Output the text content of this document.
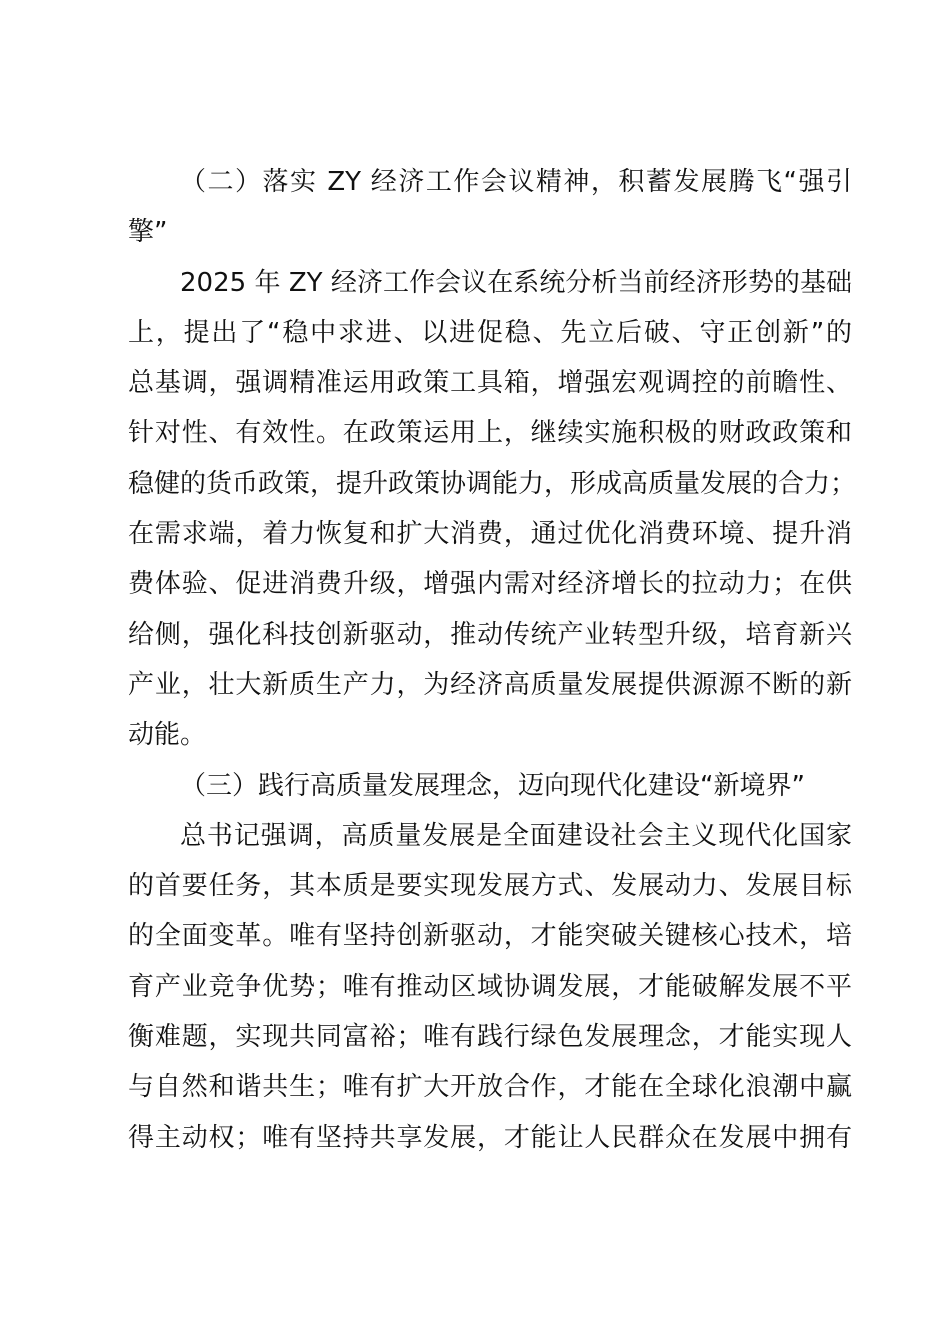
（二）落实 ZY 经济工作会议精神，积蓄发展腾飞“强引
擎”
2025 年 ZY 经济工作会议在系统分析当前经济形势的基础
上，提出了“稳中求进、以进促稳、先立后破、守正创新”的
总基调，强调精准运用政策工具箱，增强宏观调控的前瞻性、
针对性、有效性。在政策运用上，继续实施积极的财政政策和
稳健的货币政策，提升政策协调能力，形成高质量发展的合力；
在需求端，着力恢复和扩大消费，通过优化消费环境、提升消
费体验、促进消费升级，增强内需对经济增长的拉动力；在供
给侧，强化科技创新驱动，推动传统产业转型升级，培育新兴
产业，壮大新质生产力，为经济高质量发展提供源源不断的新
动能。
（三）践行高质量发展理念，迈向现代化建设“新境界”
总书记强调，高质量发展是全面建设社会主义现代化国家
的首要任务，其本质是要实现发展方式、发展动力、发展目标
的全面变革。唯有坚持创新驱动，才能突破关键核心技术，培
育产业竞争优势；唯有推动区域协调发展，才能破解发展不平
衡难题，实现共同富裕；唯有践行绿色发展理念，才能实现人
与自然和谐共生；唯有扩大开放合作，才能在全球化浪潮中赢
得主动权；唯有坚持共享发展，才能让人民群众在发展中拥有
